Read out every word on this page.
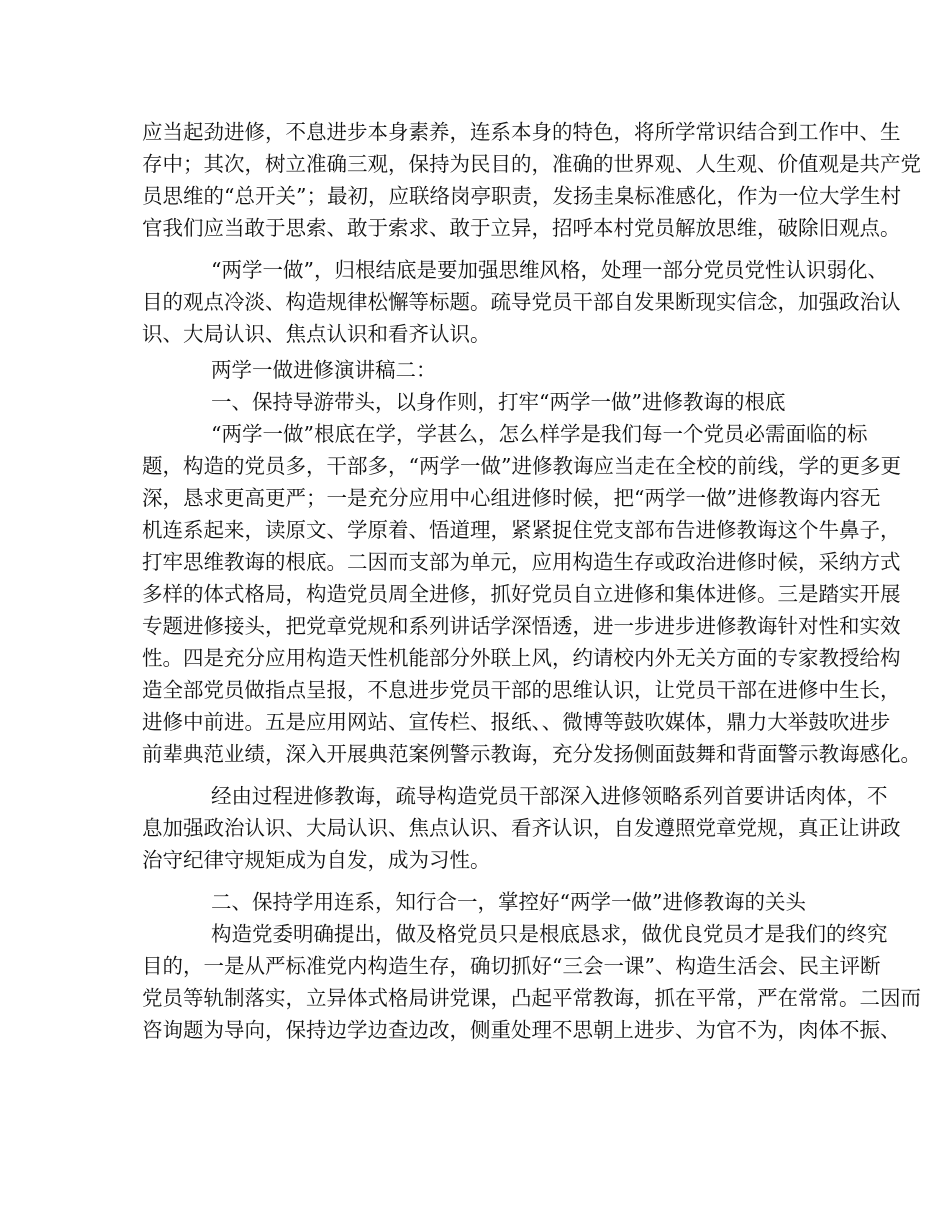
应当起劲进修，不息进步本身素养，连系本身的特色，将所学常识结合到工作中、生
存中；其次，树立准确三观，保持为民目的，准确的世界观、人生观、价值观是共产党
员思维的“总开关”；最初，应联络岗亭职责，发扬圭臬标准感化，作为一位大学生村
官我们应当敢于思索、敢于索求、敢于立异，招呼本村党员解放思维，破除旧观点。
“两学一做”，归根结底是要加强思维风格，处理一部分党员党性认识弱化、
目的观点冷淡、构造规律松懈等标题。疏导党员干部自发果断现实信念，加强政治认
识、大局认识、焦点认识和看齐认识。
两学一做进修演讲稿二：
一、保持导游带头，以身作则，打牢“两学一做”进修教诲的根底
“两学一做”根底在学，学甚么，怎么样学是我们每一个党员必需面临的标
题，构造的党员多，干部多，“两学一做”进修教诲应当走在全校的前线，学的更多更
深，恳求更高更严；一是充分应用中心组进修时候，把“两学一做”进修教诲内容无
机连系起来，读原文、学原着、悟道理，紧紧捉住党支部布告进修教诲这个牛鼻子，
打牢思维教诲的根底。二因而支部为单元，应用构造生存或政治进修时候，采纳方式
多样的体式格局，构造党员周全进修，抓好党员自立进修和集体进修。三是踏实开展
专题进修接头，把党章党规和系列讲话学深悟透，进一步进步进修教诲针对性和实效
性。四是充分应用构造天性机能部分外联上风，约请校内外无关方面的专家教授给构
造全部党员做指点呈报，不息进步党员干部的思维认识，让党员干部在进修中生长，
进修中前进。五是应用网站、宣传栏、报纸、、微博等鼓吹媒体，鼎力大举鼓吹进步
前辈典范业绩，深入开展典范案例警示教诲，充分发扬侧面鼓舞和背面警示教诲感化。
经由过程进修教诲，疏导构造党员干部深入进修领略系列首要讲话肉体，不
息加强政治认识、大局认识、焦点认识、看齐认识，自发遵照党章党规，真正让讲政
治守纪律守规矩成为自发，成为习性。
二、保持学用连系，知行合一，掌控好“两学一做”进修教诲的关头
构造党委明确提出，做及格党员只是根底恳求，做优良党员才是我们的终究
目的，一是从严标准党内构造生存，确切抓好“三会一课”、构造生活会、民主评断
党员等轨制落实，立异体式格局讲党课，凸起平常教诲，抓在平常，严在常常。二因而
咨询题为导向，保持边学边查边改，侧重处理不思朝上进步、为官不为，肉体不振、
